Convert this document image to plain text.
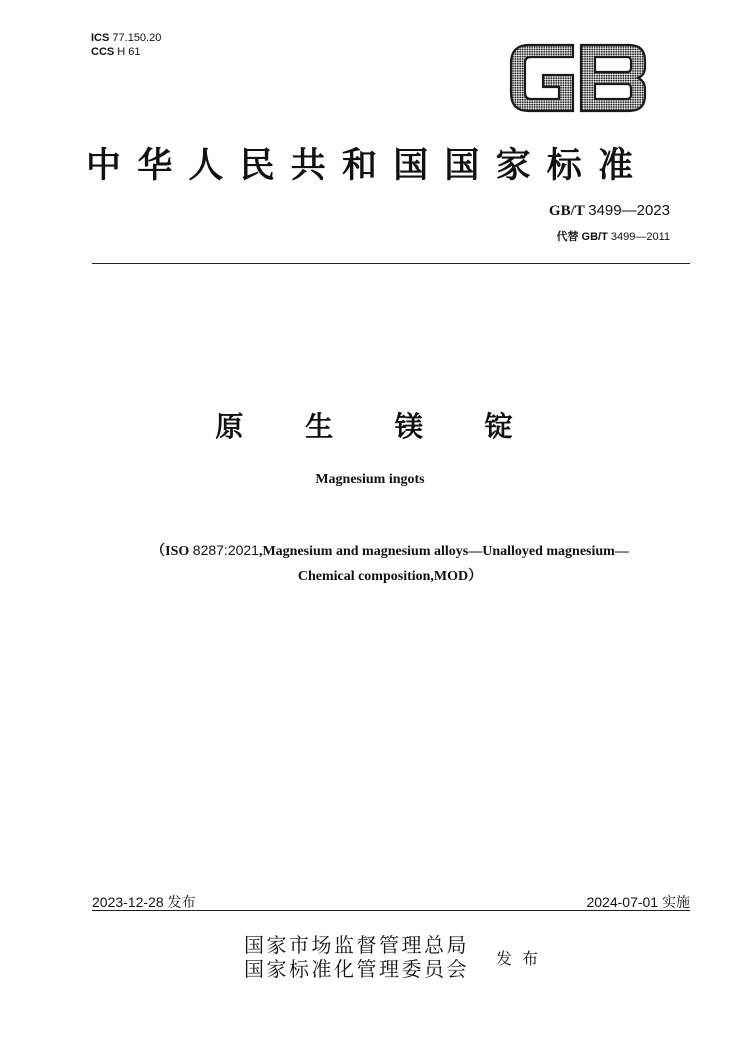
ICS 77.150.20
CCS H 61
中华人民共和国国家标准
GB/T 3499—2023
代替 GB/T 3499—2011
原 生 镁 锭
Magnesium ingots
（ISO 8287:2021,Magnesium and magnesium alloys—Unalloyed magnesium—
Chemical composition,MOD）
2023-12-28 发布	2024-07-01 实施
国家市场监督管理总局
国家标准化管理委员会 发布
